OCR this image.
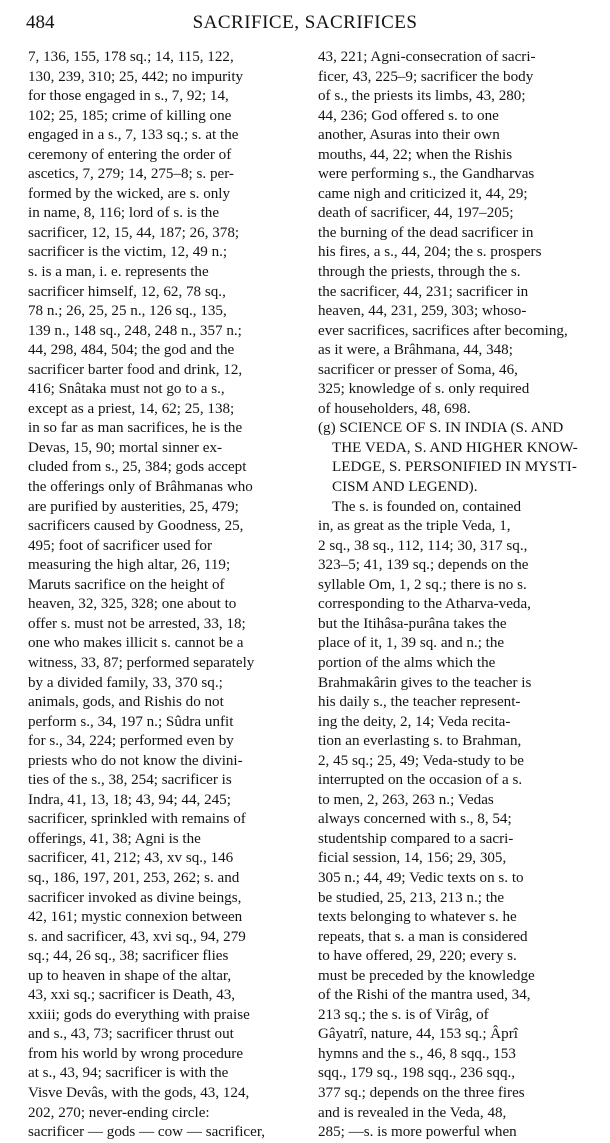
484	SACRIFICE, SACRIFICES
7, 136, 155, 178 sq.; 14, 115, 122,
130, 239, 310; 25, 442; no impurity
for those engaged in s., 7, 92; 14,
102; 25, 185; crime of killing one
engaged in a s., 7, 133 sq.; s. at the
ceremony of entering the order of
ascetics, 7, 279; 14, 275–8; s. per-
formed by the wicked, are s. only
in name, 8, 116; lord of s. is the
sacrificer, 12, 15, 44, 187; 26, 378;
sacrificer is the victim, 12, 49 n.;
s. is a man, i. e. represents the
sacrificer himself, 12, 62, 78 sq.,
78 n.; 26, 25, 25 n., 126 sq., 135,
139 n., 148 sq., 248, 248 n., 357 n.;
44, 298, 484, 504; the god and the
sacrificer barter food and drink, 12,
416; Snâtaka must not go to a s.,
except as a priest, 14, 62; 25, 138;
in so far as man sacrifices, he is the
Devas, 15, 90; mortal sinner ex-
cluded from s., 25, 384; gods accept
the offerings only of Brâhmanas who
are purified by austerities, 25, 479;
sacrificers caused by Goodness, 25,
495; foot of sacrificer used for
measuring the high altar, 26, 119;
Maruts sacrifice on the height of
heaven, 32, 325, 328; one about to
offer s. must not be arrested, 33, 18;
one who makes illicit s. cannot be a
witness, 33, 87; performed separately
by a divided family, 33, 370 sq.;
animals, gods, and Rishis do not
perform s., 34, 197 n.; Sûdra unfit
for s., 34, 224; performed even by
priests who do not know the divini-
ties of the s., 38, 254; sacrificer is
Indra, 41, 13, 18; 43, 94; 44, 245;
sacrificer, sprinkled with remains of
offerings, 41, 38; Agni is the
sacrificer, 41, 212; 43, xv sq., 146
sq., 186, 197, 201, 253, 262; s. and
sacrificer invoked as divine beings,
42, 161; mystic connexion between
s. and sacrificer, 43, xvi sq., 94, 279
sq.; 44, 26 sq., 38; sacrificer flies
up to heaven in shape of the altar,
43, xxi sq.; sacrificer is Death, 43,
xxiii; gods do everything with praise
and s., 43, 73; sacrificer thrust out
from his world by wrong procedure
at s., 43, 94; sacrificer is with the
Visve Devâs, with the gods, 43, 124,
202, 270; never-ending circle:
sacrificer — gods — cow — sacrificer,
43, 221; Agni-consecration of sacri-
ficer, 43, 225–9; sacrificer the body
of s., the priests its limbs, 43, 280;
44, 236; God offered s. to one
another, Asuras into their own
mouths, 44, 22; when the Rishis
were performing s., the Gandharvas
came nigh and criticized it, 44, 29;
death of sacrificer, 44, 197–205;
the burning of the dead sacrificer in
his fires, a s., 44, 204; the s. prospers
through the priests, through the s.
the sacrificer, 44, 231; sacrificer in
heaven, 44, 231, 259, 303; whoso-
ever sacrifices, sacrifices after becoming,
as it were, a Brâhmana, 44, 348;
sacrificer or presser of Soma, 46,
325; knowledge of s. only required
of householders, 48, 698.
(g) SCIENCE OF S. IN INDIA (S. AND
THE VEDA, S. AND HIGHER KNOW-
LEDGE, S. PERSONIFIED IN MYSTI-
CISM AND LEGEND).
The s. is founded on, contained
in, as great as the triple Veda, 1,
2 sq., 38 sq., 112, 114; 30, 317 sq.,
323–5; 41, 139 sq.; depends on the
syllable Om, 1, 2 sq.; there is no s.
corresponding to the Atharva-veda,
but the Itihâsa-purâna takes the
place of it, 1, 39 sq. and n.; the
portion of the alms which the
Brahmakârin gives to the teacher is
his daily s., the teacher represent-
ing the deity, 2, 14; Veda recita-
tion an everlasting s. to Brahman,
2, 45 sq.; 25, 49; Veda-study to be
interrupted on the occasion of a s.
to men, 2, 263, 263 n.; Vedas
always concerned with s., 8, 54;
studentship compared to a sacri-
ficial session, 14, 156; 29, 305,
305 n.; 44, 49; Vedic texts on s. to
be studied, 25, 213, 213 n.; the
texts belonging to whatever s. he
repeats, that s. a man is considered
to have offered, 29, 220; every s.
must be preceded by the knowledge
of the Rishi of the mantra used, 34,
213 sq.; the s. is of Virâg, of
Gâyatrî, nature, 44, 153 sq.; Âprî
hymns and the s., 46, 8 sqq., 153
sqq., 179 sq., 198 sqq., 236 sqq.,
377 sq.; depends on the three fires
and is revealed in the Veda, 48,
285; —s. is more powerful when
